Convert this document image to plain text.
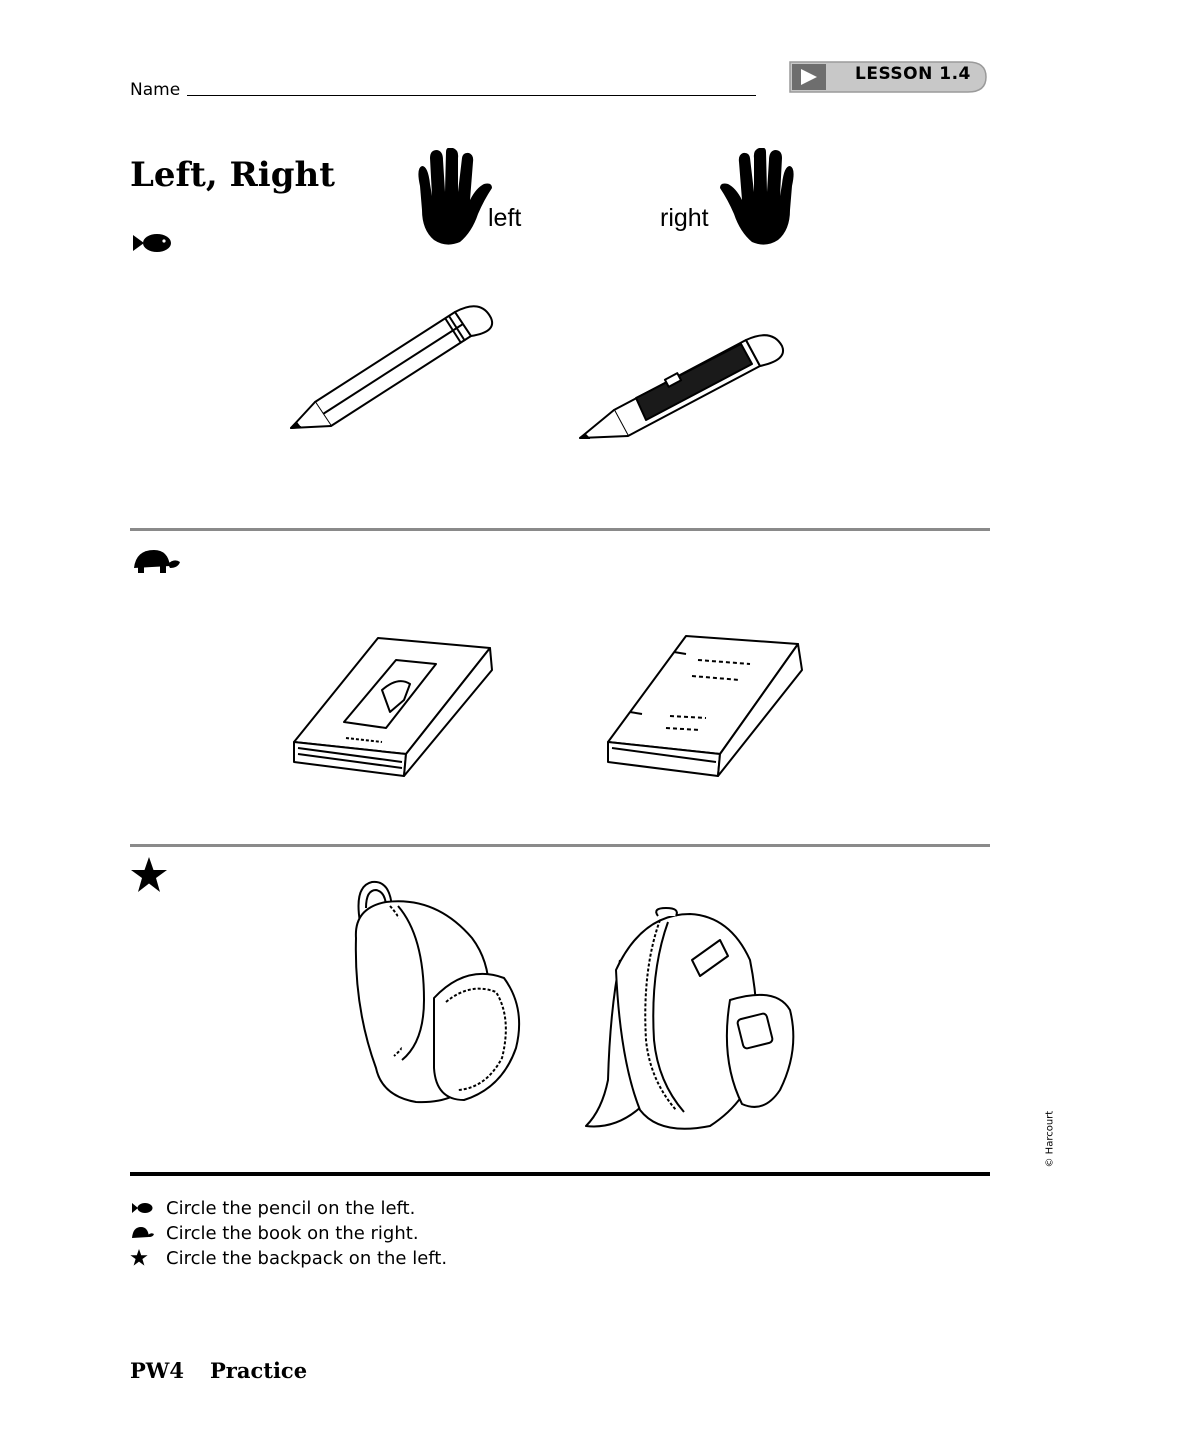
Name
LESSON 1.4
Left, Right
left	right
Circle the pencil on the left.
Circle the book on the right.
Circle the backpack on the left.
© Harcourt
PW4 Practice
